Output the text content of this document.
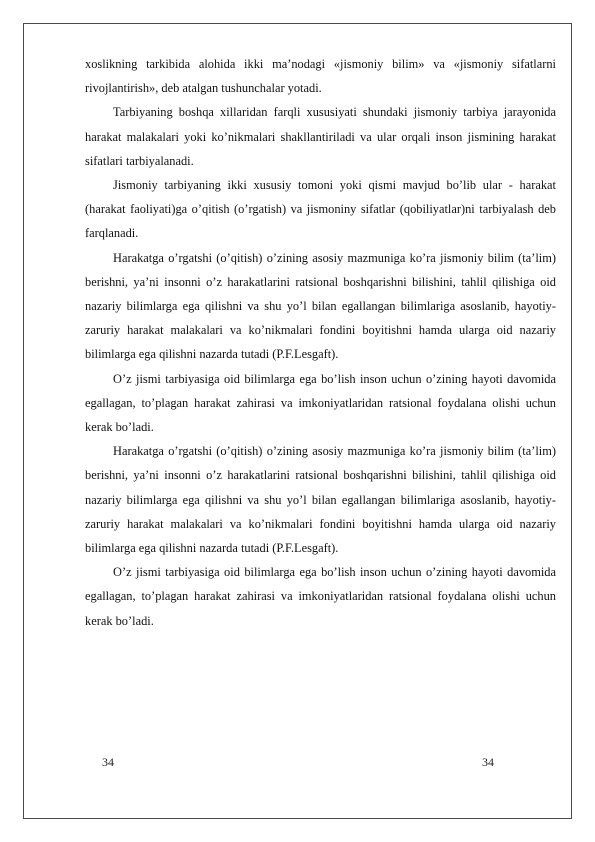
xoslikning tarkibida alohida ikki ma’nodagi «jismoniy bilim» va «jismoniy sifatlarni rivojlantirish», deb atalgan tushunchalar yotadi.

Tarbiyaning boshqa xillaridan farqli xususiyati shundaki jismoniy tarbiya jarayonida harakat malakalari yoki ko’nikmalari shakllantiriladi va ular orqali inson jismining harakat sifatlari tarbiyalanadi.

Jismoniy tarbiyaning ikki xususiy tomoni yoki qismi mavjud bo’lib ular - harakat (harakat faoliyati)ga o’qitish (o’rgatish) va jismoniny sifatlar (qobiliyatlar)ni tarbiyalash deb farqlanadi.

Harakatga o’rgatshi (o’qitish) o’zining asosiy mazmuniga ko’ra jismoniy bilim (ta’lim) berishni, ya’ni insonni o’z harakatlarini ratsional boshqarishni bilishini, tahlil qilishiga oid nazariy bilimlarga ega qilishni va shu yo’l bilan egallangan bilimlariga asoslanib, hayotiy-zaruriy harakat malakalari va ko’nikmalari fondini boyitishni hamda ularga oid nazariy bilimlarga ega qilishni nazarda tutadi (P.F.Lesgaft).

O’z jismi tarbiyasiga oid bilimlarga ega bo’lish inson uchun o’zining hayoti davomida egallagan, to’plagan harakat zahirasi va imkoniyatlaridan ratsional foydalana olishi uchun kerak bo’ladi.

Harakatga o’rgatshi (o’qitish) o’zining asosiy mazmuniga ko’ra jismoniy bilim (ta’lim) berishni, ya’ni insonni o’z harakatlarini ratsional boshqarishni bilishini, tahlil qilishiga oid nazariy bilimlarga ega qilishni va shu yo’l bilan egallangan bilimlariga asoslanib, hayotiy-zaruriy harakat malakalari va ko’nikmalari fondini boyitishni hamda ularga oid nazariy bilimlarga ega qilishni nazarda tutadi (P.F.Lesgaft).

O’z jismi tarbiyasiga oid bilimlarga ega bo’lish inson uchun o’zining hayoti davomida egallagan, to’plagan harakat zahirasi va imkoniyatlaridan ratsional foydalana olishi uchun kerak bo’ladi.

34	34
